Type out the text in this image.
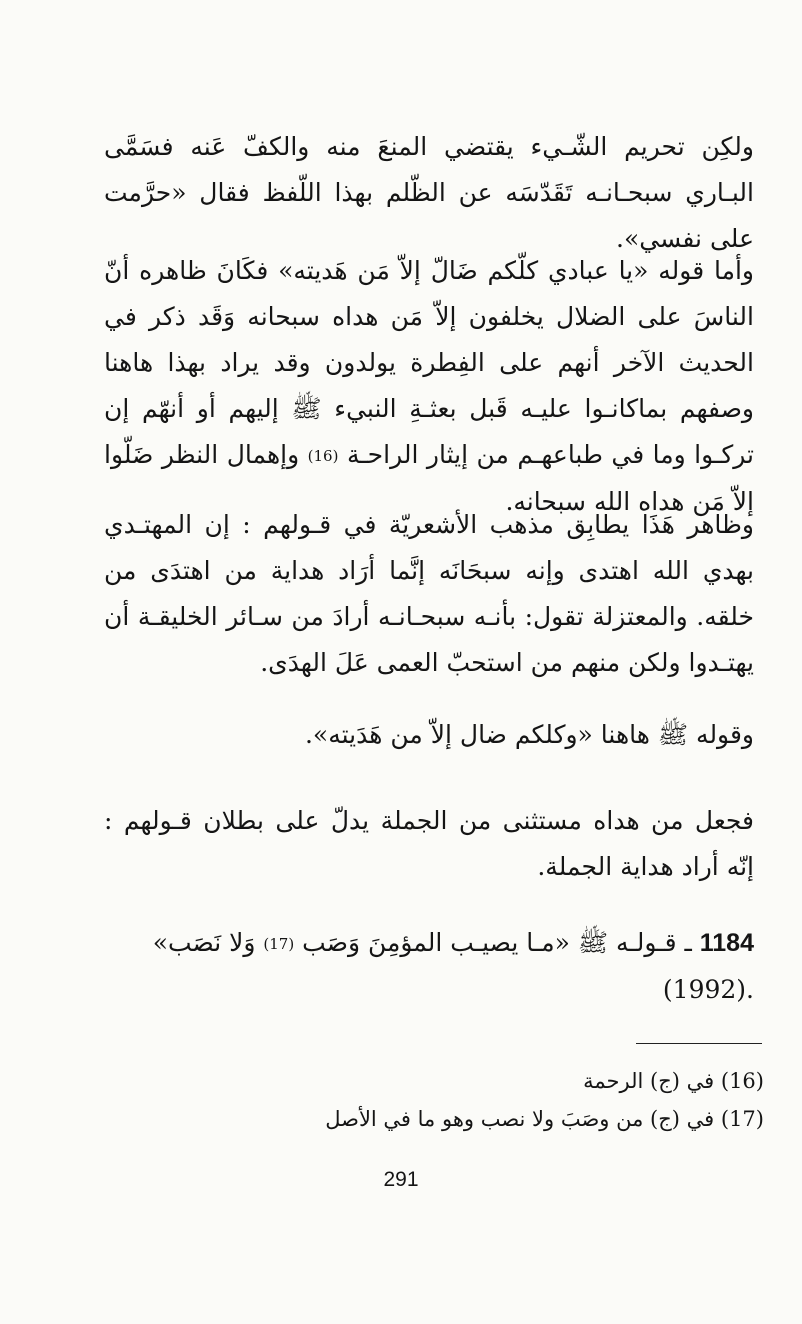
ولكِن تحريم الشّـيء يقتضي المنعَ منه والكفّ عَنه فسَمَّى البـاري سبحـانـه تَقَدّسَه عن الظّلم بهذا اللّفظ فقال «حرَّمت على نفسي».

وأما قوله «يا عبادي كلّكم ضَالّ إلاّ مَن هَديته» فكَانَ ظاهره أنّ الناسَ على الضلال يخلفون إلاّ مَن هداه سبحانه وَقَد ذكر في الحديث الآخر أنهم على الفِطرة يولدون وقد يراد بهذا هاهنا وصفهم بماكانـوا عليـه قَبل بعثـةِ النبيء ﷺ إليهم أو أنهّم إن تركـوا وما في طباعهـم من إيثار الراحـة (16) وإهمال النظر ضَلّوا إلاّ مَن هداه الله سبحانه.

وظاهر هَذَا يطابِق مذهب الأشعريّة في قـولهم : إن المهتـدي بهدي الله اهتدى وإنه سبحَانَه إنَّما أرَاد هداية من اهتدَى من خلقه. والمعتزلة تقول: بأنـه سبحـانـه أرادَ من سـائر الخليقـة أن يهتـدوا ولكن منهم من استحبّ العمى عَلَ الهدَى.

وقوله ﷺ هاهنا «وكلكم ضال إلاّ من هَدَيته».

فجعل من هداه مستثنى من الجملة يدلّ على بطلان قـولهم : إنّه أراد هداية الجملة.

1184 ـ قـولـه ﷺ «مـا يصيـب المؤمِنَ وَصَب (17) وَلا نَصَب»
.(1992)

(16) في (ج) الرحمة

(17) في (ج) من وصَبَ ولا نصب وهو ما في الأصل

291
